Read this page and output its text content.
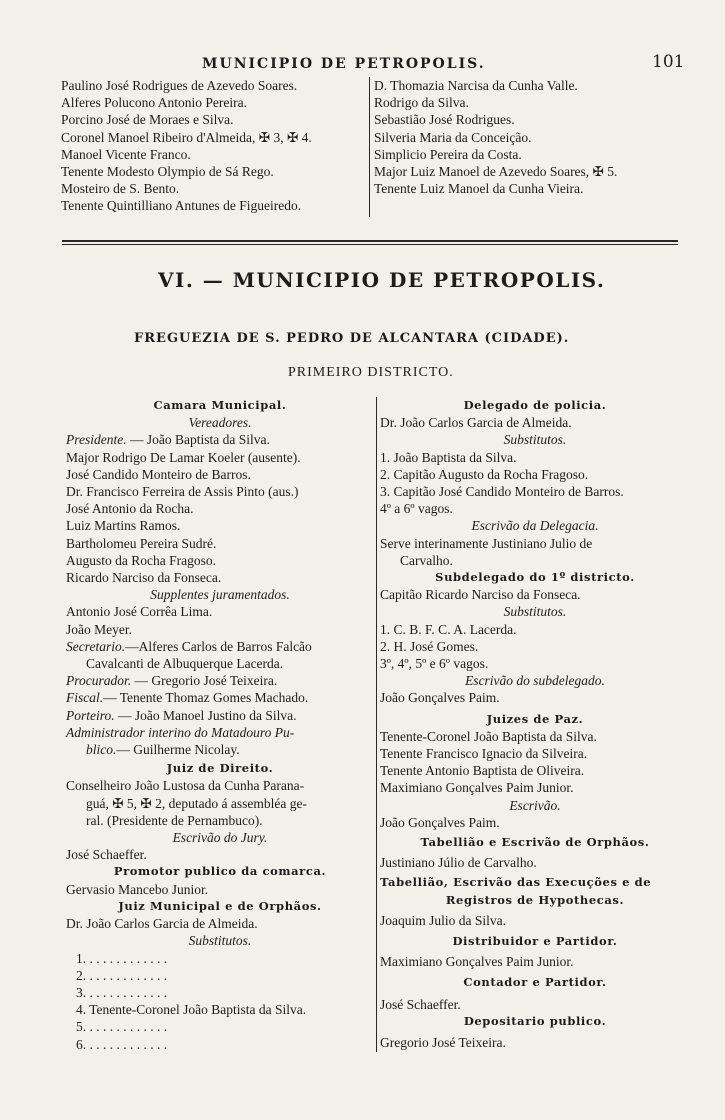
MUNICIPIO DE PETROPOLIS.	101
Paulino José Rodrigues de Azevedo Soares.
Alferes Polucono Antonio Pereira.
Porcino José de Moraes e Silva.
Coronel Manoel Ribeiro d'Almeida, ✠ 3, ✠ 4.
Manoel Vicente Franco.
Tenente Modesto Olympio de Sá Rego.
Mosteiro de S. Bento.
Tenente Quintilliano Antunes de Figueiredo.
D. Thomazia Narcisa da Cunha Valle.
Rodrigo da Silva.
Sebastião José Rodrigues.
Silveria Maria da Conceição.
Simplicio Pereira da Costa.
Major Luiz Manoel de Azevedo Soares, ✠ 5.
Tenente Luiz Manoel da Cunha Vieira.
VI. — MUNICIPIO DE PETROPOLIS.
FREGUEZIA DE S. PEDRO DE ALCANTARA (CIDADE).
PRIMEIRO DISTRICTO.
Camara Municipal.
Vereadores.
Presidente. — João Baptista da Silva.
Major Rodrigo De Lamar Koeler (ausente).
José Candido Monteiro de Barros.
Dr. Francisco Ferreira de Assis Pinto (aus.)
José Antonio da Rocha.
Luiz Martins Ramos.
Bartholomeu Pereira Sudré.
Augusto da Rocha Fragoso.
Ricardo Narciso da Fonseca.
Supplentes juramentados.
Antonio José Corrêa Lima.
João Meyer.
Secretario.—Alferes Carlos de Barros Falcão
Cavalcanti de Albuquerque Lacerda.
Procurador. — Gregorio José Teixeira.
Fiscal.— Tenente Thomaz Gomes Machado.
Porteiro. — João Manoel Justino da Silva.
Administrador interino do Matadouro Pu-
blico.— Guilherme Nicolay.
Juiz de Direito.
Conselheiro João Lustosa da Cunha Parana-
guá, ✠ 5, ✠ 2, deputado á assembléa ge-
ral. (Presidente de Pernambuco).
Escrivão do Jury.
José Schaeffer.
Promotor publico da comarca.
Gervasio Mancebo Junior.
Juiz Municipal e de Orphãos.
Dr. João Carlos Garcia de Almeida.
Substitutos.
1. . . . . . . . . . . . .
2. . . . . . . . . . . . .
3. . . . . . . . . . . . .
4. Tenente-Coronel João Baptista da Silva.
5. . . . . . . . . . . . .
6. . . . . . . . . . . . .
Delegado de policia.
Dr. João Carlos Garcia de Almeida.
Substitutos.
1. João Baptista da Silva.
2. Capitão Augusto da Rocha Fragoso.
3. Capitão José Candido Monteiro de Barros.
4º a 6º vagos.
Escrivão da Delegacia.
Serve interinamente Justiniano Julio de
Carvalho.
Subdelegado do 1º districto.
Capitão Ricardo Narciso da Fonseca.
Substitutos.
1. C. B. F. C. A. Lacerda.
2. H. José Gomes.
3º, 4º, 5º e 6º vagos.
Escrivão do subdelegado.
João Gonçalves Paim.
Juizes de Paz.
Tenente-Coronel João Baptista da Silva.
Tenente Francisco Ignacio da Silveira.
Tenente Antonio Baptista de Oliveira.
Maximiano Gonçalves Paim Junior.
Escrivão.
João Gonçalves Paim.
Tabellião e Escrivão de Orphãos.
Justiniano Júlio de Carvalho.
Tabellião, Escrivão das Execuções e de
Registros de Hypothecas.
Joaquim Julio da Silva.
Distribuidor e Partidor.
Maximiano Gonçalves Paim Junior.
Contador e Partidor.
José Schaeffer.
Depositario publico.
Gregorio José Teixeira.
